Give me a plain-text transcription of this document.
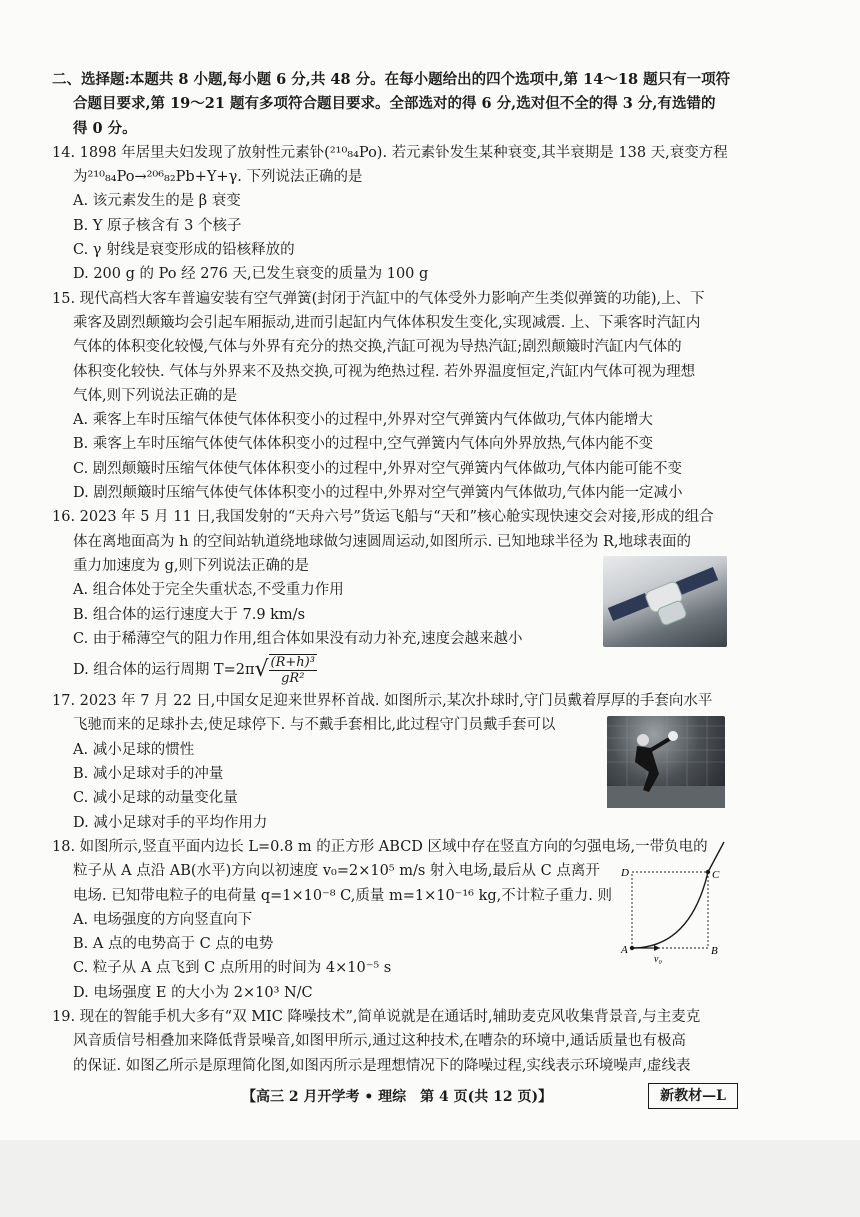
二、选择题:本题共 8 小题,每小题 6 分,共 48 分。在每小题给出的四个选项中,第 14～18 题只有一项符
合题目要求,第 19～21 题有多项符合题目要求。全部选对的得 6 分,选对但不全的得 3 分,有选错的
得 0 分。
14. 1898 年居里夫妇发现了放射性元素钋(²¹⁰₈₄Po). 若元素钋发生某种衰变,其半衰期是 138 天,衰变方程
为²¹⁰₈₄Po→²⁰⁶₈₂Pb+Y+γ. 下列说法正确的是
A. 该元素发生的是 β 衰变
B. Y 原子核含有 3 个核子
C. γ 射线是衰变形成的铅核释放的
D. 200 g 的 Po 经 276 天,已发生衰变的质量为 100 g
15. 现代高档大客车普遍安装有空气弹簧(封闭于汽缸中的气体受外力影响产生类似弹簧的功能),上、下
乘客及剧烈颠簸均会引起车厢振动,进而引起缸内气体体积发生变化,实现减震. 上、下乘客时汽缸内
气体的体积变化较慢,气体与外界有充分的热交换,汽缸可视为导热汽缸;剧烈颠簸时汽缸内气体的
体积变化较快. 气体与外界来不及热交换,可视为绝热过程. 若外界温度恒定,汽缸内气体可视为理想
气体,则下列说法正确的是
A. 乘客上车时压缩气体使气体体积变小的过程中,外界对空气弹簧内气体做功,气体内能增大
B. 乘客上车时压缩气体使气体体积变小的过程中,空气弹簧内气体向外界放热,气体内能不变
C. 剧烈颠簸时压缩气体使气体体积变小的过程中,外界对空气弹簧内气体做功,气体内能可能不变
D. 剧烈颠簸时压缩气体使气体体积变小的过程中,外界对空气弹簧内气体做功,气体内能一定减小
16. 2023 年 5 月 11 日,我国发射的“天舟六号”货运飞船与“天和”核心舱实现快速交会对接,形成的组合
体在离地面高为 h 的空间站轨道绕地球做匀速圆周运动,如图所示. 已知地球半径为 R,地球表面的
重力加速度为 g,则下列说法正确的是
A. 组合体处于完全失重状态,不受重力作用
B. 组合体的运行速度大于 7.9 km/s
C. 由于稀薄空气的阻力作用,组合体如果没有动力补充,速度会越来越小
D. 组合体的运行周期 $T=2\pi√ \frac{\text{(R+h)³}}{\text{gR²}}$
17. 2023 年 7 月 22 日,中国女足迎来世界杯首战. 如图所示,某次扑球时,守门员戴着厚厚的手套向水平
飞驰而来的足球扑去,使足球停下. 与不戴手套相比,此过程守门员戴手套可以
A. 减小足球的惯性
B. 减小足球对手的冲量
C. 减小足球的动量变化量
D. 减小足球对手的平均作用力
18. 如图所示,竖直平面内边长 L=0.8 m 的正方形 ABCD 区域中存在竖直方向的匀强电场,一带负电的
粒子从 A 点沿 AB(水平)方向以初速度 v₀=2×10⁵ m/s 射入电场,最后从 C 点离开
电场. 已知带电粒子的电荷量 q=1×10⁻⁸ C,质量 m=1×10⁻¹⁶ kg,不计粒子重力. 则
A. 电场强度的方向竖直向下
B. A 点的电势高于 C 点的电势
C. 粒子从 A 点飞到 C 点所用的时间为 4×10⁻⁵ s
D. 电场强度 E 的大小为 2×10³ N/C
19. 现在的智能手机大多有“双 MIC 降噪技术”,简单说就是在通话时,辅助麦克风收集背景音,与主麦克
风音质信号相叠加来降低背景噪音,如图甲所示,通过这种技术,在嘈杂的环境中,通话质量也有极高
的保证. 如图乙所示是原理简化图,如图丙所示是理想情况下的降噪过程,实线表示环境噪声,虚线表
A	B
C
D
v₀
【高三 2 月开学考 • 理综　第 4 页(共 12 页)】	新教材—L
